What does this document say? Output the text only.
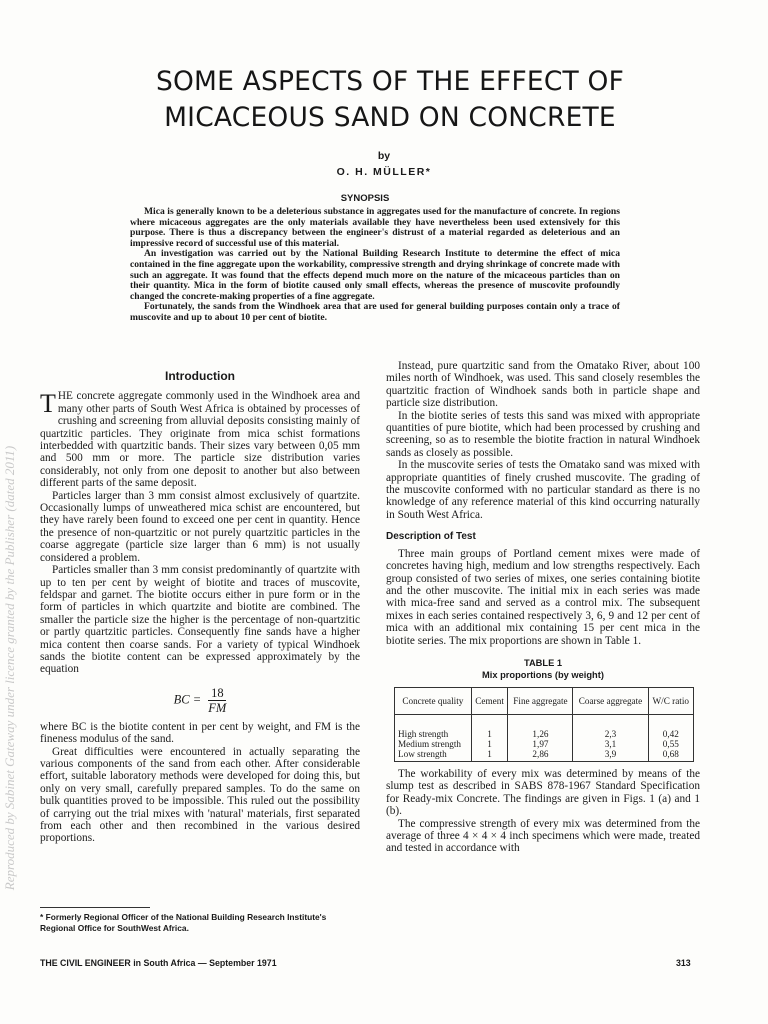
Reproduced by Sabinet Gateway under licence granted by the Publisher (dated 2011)
SOME ASPECTS OF THE EFFECT OF
MICACEOUS SAND ON CONCRETE
by
O. H. MÜLLER*
SYNOPSIS

Mica is generally known to be a deleterious substance in aggregates used for the manufacture of concrete. In regions where micaceous aggregates are the only materials available they have nevertheless been used extensively for this purpose. There is thus a discrepancy between the engineer's distrust of a material regarded as deleterious and an impressive record of successful use of this material.

An investigation was carried out by the National Building Research Institute to determine the effect of mica contained in the fine aggregate upon the workability, compressive strength and drying shrinkage of concrete made with such an aggregate. It was found that the effects depend much more on the nature of the micaceous particles than on their quantity. Mica in the form of biotite caused only small effects, whereas the presence of muscovite profoundly changed the concrete-making properties of a fine aggregate.

Fortunately, the sands from the Windhoek area that are used for general building purposes contain only a trace of muscovite and up to about 10 per cent of biotite.

Introduction

THE concrete aggregate commonly used in the Windhoek area and many other parts of South West Africa is obtained by processes of crushing and screening from alluvial deposits consisting mainly of quartzitic particles. They originate from mica schist formations interbedded with quartzitic bands. Their sizes vary between 0,05 mm and 500 mm or more. The particle size distribution varies considerably, not only from one deposit to another but also between different parts of the same deposit.

Particles larger than 3 mm consist almost exclusively of quartzite. Occasionally lumps of unweathered mica schist are encountered, but they have rarely been found to exceed one per cent in quantity. Hence the presence of non-quartzitic or not purely quartzitic particles in the coarse aggregate (particle size larger than 6 mm) is not usually considered a problem.

Particles smaller than 3 mm consist predominantly of quartzite with up to ten per cent by weight of biotite and traces of muscovite, feldspar and garnet. The biotite occurs either in pure form or in the form of particles in which quartzite and biotite are combined. The smaller the particle size the higher is the percentage of non-quartzitic or partly quartzitic particles. Consequently fine sands have a higher mica content then coarse sands. For a variety of typical Windhoek sands the biotite content can be expressed approximately by the equation

BC = $\frac{18}{FM}$

where BC is the biotite content in per cent by weight, and FM is the fineness modulus of the sand.

Great difficulties were encountered in actually separating the various components of the sand from each other. After considerable effort, suitable laboratory methods were developed for doing this, but only on very small, carefully prepared samples. To do the same on bulk quantities proved to be impossible. This ruled out the possibility of carrying out the trial mixes with 'natural' materials, first separated from each other and then recombined in the various desired proportions.

* Formerly Regional Officer of the National Building Research Institute's Regional Office for SouthWest Africa.

Instead, pure quartzitic sand from the Omatako River, about 100 miles north of Windhoek, was used. This sand closely resembles the quartzitic fraction of Windhoek sands both in particle shape and particle size distribution.

In the biotite series of tests this sand was mixed with appropriate quantities of pure biotite, which had been processed by crushing and screening, so as to resemble the biotite fraction in natural Windhoek sands as closely as possible.

In the muscovite series of tests the Omatako sand was mixed with appropriate quantities of finely crushed muscovite. The grading of the muscovite conformed with no particular standard as there is no knowledge of any reference material of this kind occurring naturally in South West Africa.

Description of Test

Three main groups of Portland cement mixes were made of concretes having high, medium and low strengths respectively. Each group consisted of two series of mixes, one series containing biotite and the other muscovite. The initial mix in each series was made with mica-free sand and served as a control mix. The subsequent mixes in each series contained respectively 3, 6, 9 and 12 per cent of mica with an additional mix containing 15 per cent mica in the biotite series. The mix proportions are shown in Table 1.

TABLE 1
Mix proportions (by weight)
Concrete quality	Cement	Fine aggregate	Coarse aggregate	W/C ratio
High strength	1	1,26	2,3	0,42
Medium strength	1	1,97	3,1	0,55
Low strength	1	2,86	3,9	0,68

The workability of every mix was determined by means of the slump test as described in SABS 878-1967 Standard Specification for Ready-mix Concrete. The findings are given in Figs. 1 (a) and 1 (b).

The compressive strength of every mix was determined from the average of three 4 × 4 × 4 inch specimens which were made, treated and tested in accordance with

THE CIVIL ENGINEER in South Africa — September 1971	313
